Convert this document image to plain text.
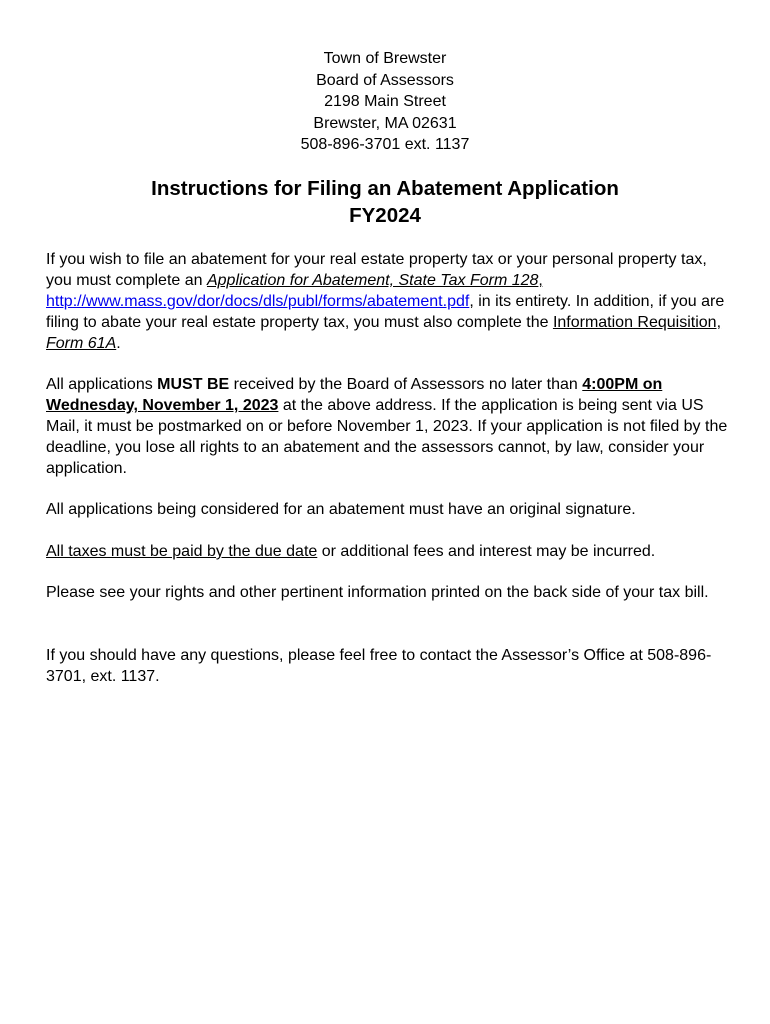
Town of Brewster
Board of Assessors
2198 Main Street
Brewster, MA 02631
508-896-3701 ext. 1137
Instructions for Filing an Abatement Application
FY2024

If you wish to file an abatement for your real estate property tax or your personal property tax, you must complete an Application for Abatement, State Tax Form 128, http://www.mass.gov/dor/docs/dls/publ/forms/abatement.pdf, in its entirety. In addition, if you are filing to abate your real estate property tax, you must also complete the Information Requisition, Form 61A.

All applications MUST BE received by the Board of Assessors no later than 4:00PM on Wednesday, November 1, 2023 at the above address. If the application is being sent via US Mail, it must be postmarked on or before November 1, 2023. If your application is not filed by the deadline, you lose all rights to an abatement and the assessors cannot, by law, consider your application.

All applications being considered for an abatement must have an original signature.

All taxes must be paid by the due date or additional fees and interest may be incurred.

Please see your rights and other pertinent information printed on the back side of your tax bill.

If you should have any questions, please feel free to contact the Assessor’s Office at 508-896-3701, ext. 1137.
